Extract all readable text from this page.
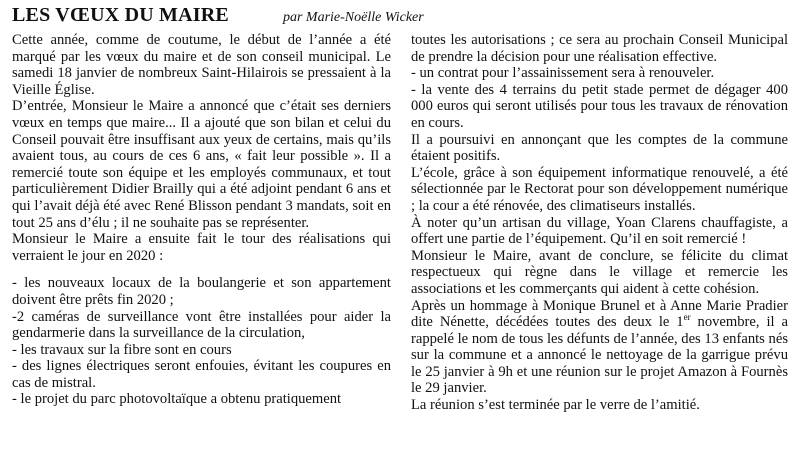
LES VŒUX DU MAIRE	par Marie-Noëlle Wicker

Cette année, comme de coutume, le début de l’année a été marqué par les vœux du maire et de son conseil municipal. Le samedi 18 janvier de nombreux Saint-Hilairois se pressaient à la Vieille Église.

D’entrée, Monsieur le Maire a annoncé que c’était ses derniers vœux en temps que maire... Il a ajouté que son bilan et celui du Conseil pouvait être insuffisant aux yeux de certains, mais qu’ils avaient tous, au cours de ces 6 ans, « fait leur possible ». Il a remercié toute son équipe et les employés communaux, et tout particulièrement Didier Brailly qui a été adjoint pendant 6 ans et qui l’avait déjà été avec René Blisson pendant 3 mandats, soit en tout 25 ans d’élu ; il ne souhaite pas se représenter.

Monsieur le Maire a ensuite fait le tour des réalisations qui verraient le jour en 2020 :

- les nouveaux locaux de la boulangerie et son appartement doivent être prêts fin 2020 ;

-2 caméras de surveillance vont être installées pour aider la gendarmerie dans la surveillance de la circulation,

- les travaux sur la fibre sont en cours

- des lignes électriques seront enfouies, évitant les coupures en cas de mistral.

- le projet du parc photovoltaïque a obtenu pratiquement

toutes les autorisations ; ce sera au prochain Conseil Municipal de prendre la décision pour une réalisation effective.

- un contrat pour l’assainissement sera à renouveler.

- la vente des 4 terrains du petit stade permet de dégager 400 000 euros qui seront utilisés pour tous les travaux de rénovation en cours.

Il a poursuivi en annonçant que les comptes de la commune étaient positifs.

L’école, grâce à son équipement informatique renouvelé, a été sélectionnée par le Rectorat pour son développement numérique ; la cour a été rénovée, des climatiseurs installés.

À noter qu’un artisan du village, Yoan Clarens chauffagiste, a offert une partie de l’équipement. Qu’il en soit remercié !

Monsieur le Maire, avant de conclure, se félicite du climat respectueux qui règne dans le village et remercie les associations et les commerçants qui aident à cette cohésion.

Après un hommage à Monique Brunel et à Anne Marie Pradier dite Nénette, décédées toutes des deux le 1er novembre, il a rappelé le nom de tous les défunts de l’année, des 13 enfants nés sur la commune et a annoncé le nettoyage de la garrigue prévu le 25 janvier à 9h et une réunion sur le projet Amazon à Fournès le 29 janvier.

La réunion s’est terminée par le verre de l’amitié.
